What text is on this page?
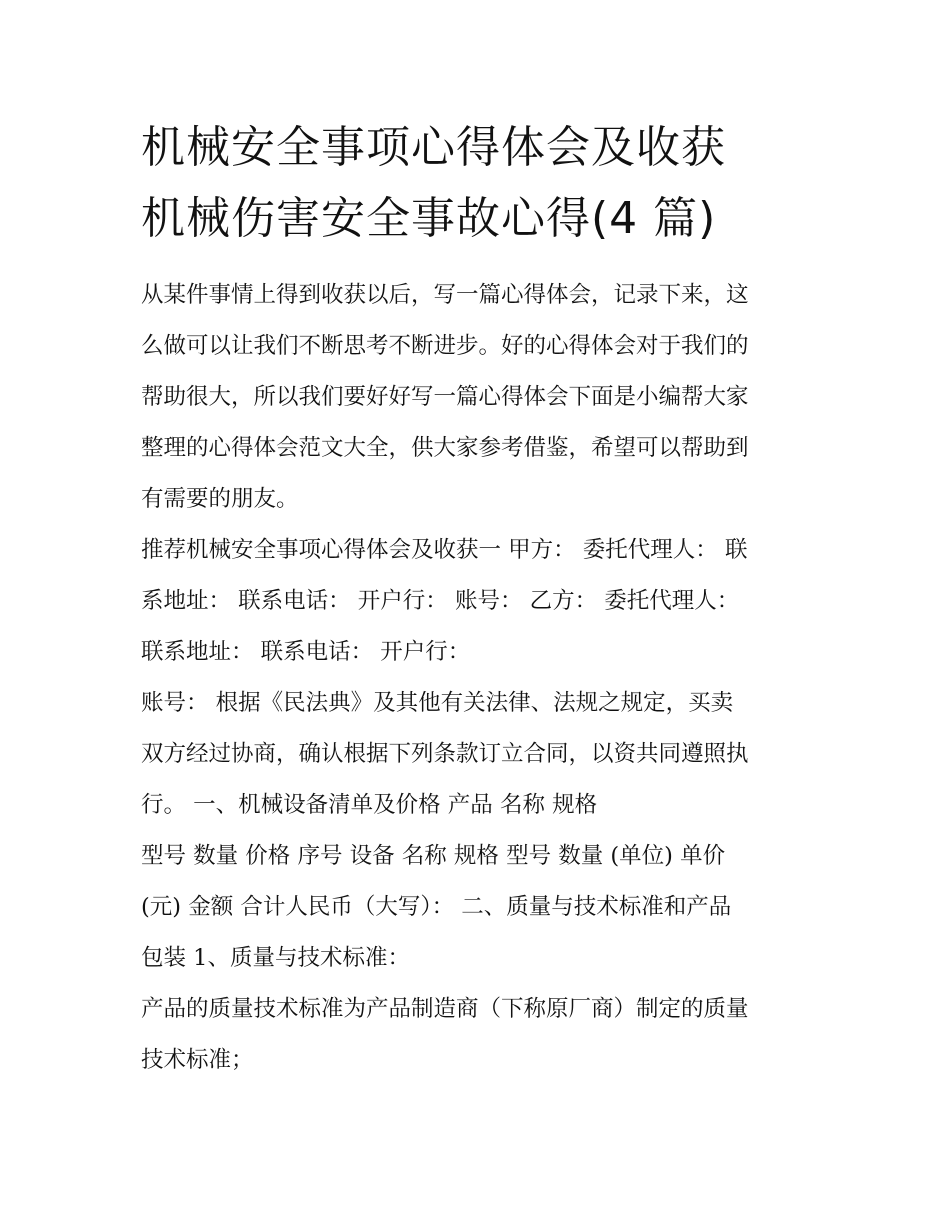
机械安全事项心得体会及收获
机械伤害安全事故心得(4 篇)

从某件事情上得到收获以后，写一篇心得体会，记录下来，这
么做可以让我们不断思考不断进步。好的心得体会对于我们的
帮助很大，所以我们要好好写一篇心得体会下面是小编帮大家
整理的心得体会范文大全，供大家参考借鉴，希望可以帮助到
有需要的朋友。

推荐机械安全事项心得体会及收获一 甲方： 委托代理人： 联
系地址： 联系电话： 开户行： 账号： 乙方： 委托代理人：
联系地址： 联系电话： 开户行：

账号： 根据《民法典》及其他有关法律、法规之规定，买卖
双方经过协商，确认根据下列条款订立合同，以资共同遵照执
行。 一、机械设备清单及价格 产品 名称 规格

型号 数量 价格 序号 设备 名称 规格 型号 数量 (单位) 单价
(元) 金额 合计人民币（大写）： 二、质量与技术标准和产品
包装 1、质量与技术标准：

产品的质量技术标准为产品制造商（下称原厂商）制定的质量
技术标准；
